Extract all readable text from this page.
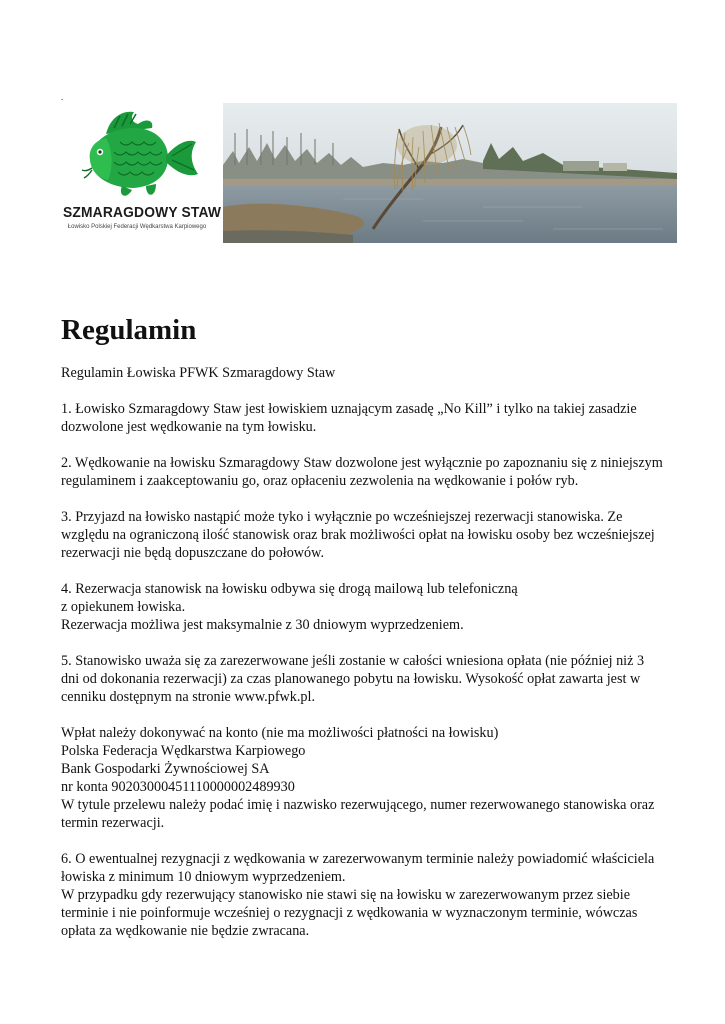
.
SZMARAGDOWY STAW
Łowisko Polskiej Federacji Wędkarstwa Karpiowego
Regulamin

Regulamin Łowiska PFWK Szmaragdowy Staw

1. Łowisko Szmaragdowy Staw jest łowiskiem uznającym zasadę „No Kill” i tylko na takiej zasadzie
dozwolone jest wędkowanie na tym łowisku.

2. Wędkowanie na łowisku Szmaragdowy Staw dozwolone jest wyłącznie po zapoznaniu się z niniejszym
regulaminem i zaakceptowaniu go, oraz opłaceniu zezwolenia na wędkowanie i połów ryb.

3. Przyjazd na łowisko nastąpić może tyko i wyłącznie po wcześniejszej rezerwacji stanowiska. Ze
względu na ograniczoną ilość stanowisk oraz brak możliwości opłat na łowisku osoby bez wcześniejszej
rezerwacji nie będą dopuszczane do połowów.

4. Rezerwacja stanowisk na łowisku odbywa się drogą mailową lub telefoniczną
z opiekunem łowiska.
Rezerwacja możliwa jest maksymalnie z 30 dniowym wyprzedzeniem.

5. Stanowisko uważa się za zarezerwowane jeśli zostanie w całości wniesiona opłata (nie później niż 3
dni od dokonania rezerwacji) za czas planowanego pobytu na łowisku. Wysokość opłat zawarta jest w
cenniku dostępnym na stronie www.pfwk.pl.

Wpłat należy dokonywać na konto (nie ma możliwości płatności na łowisku)
Polska Federacja Wędkarstwa Karpiowego
Bank Gospodarki Żywnościowej SA
nr konta 90203000451110000002489930
W tytule przelewu należy podać imię i nazwisko rezerwującego, numer rezerwowanego stanowiska oraz
termin rezerwacji.

6. O ewentualnej rezygnacji z wędkowania w zarezerwowanym terminie należy powiadomić właściciela
łowiska z minimum 10 dniowym wyprzedzeniem.
W przypadku gdy rezerwujący stanowisko nie stawi się na łowisku w zarezerwowanym przez siebie
terminie i nie poinformuje wcześniej o rezygnacji z wędkowania w wyznaczonym terminie, wówczas
opłata za wędkowanie nie będzie zwracana.
